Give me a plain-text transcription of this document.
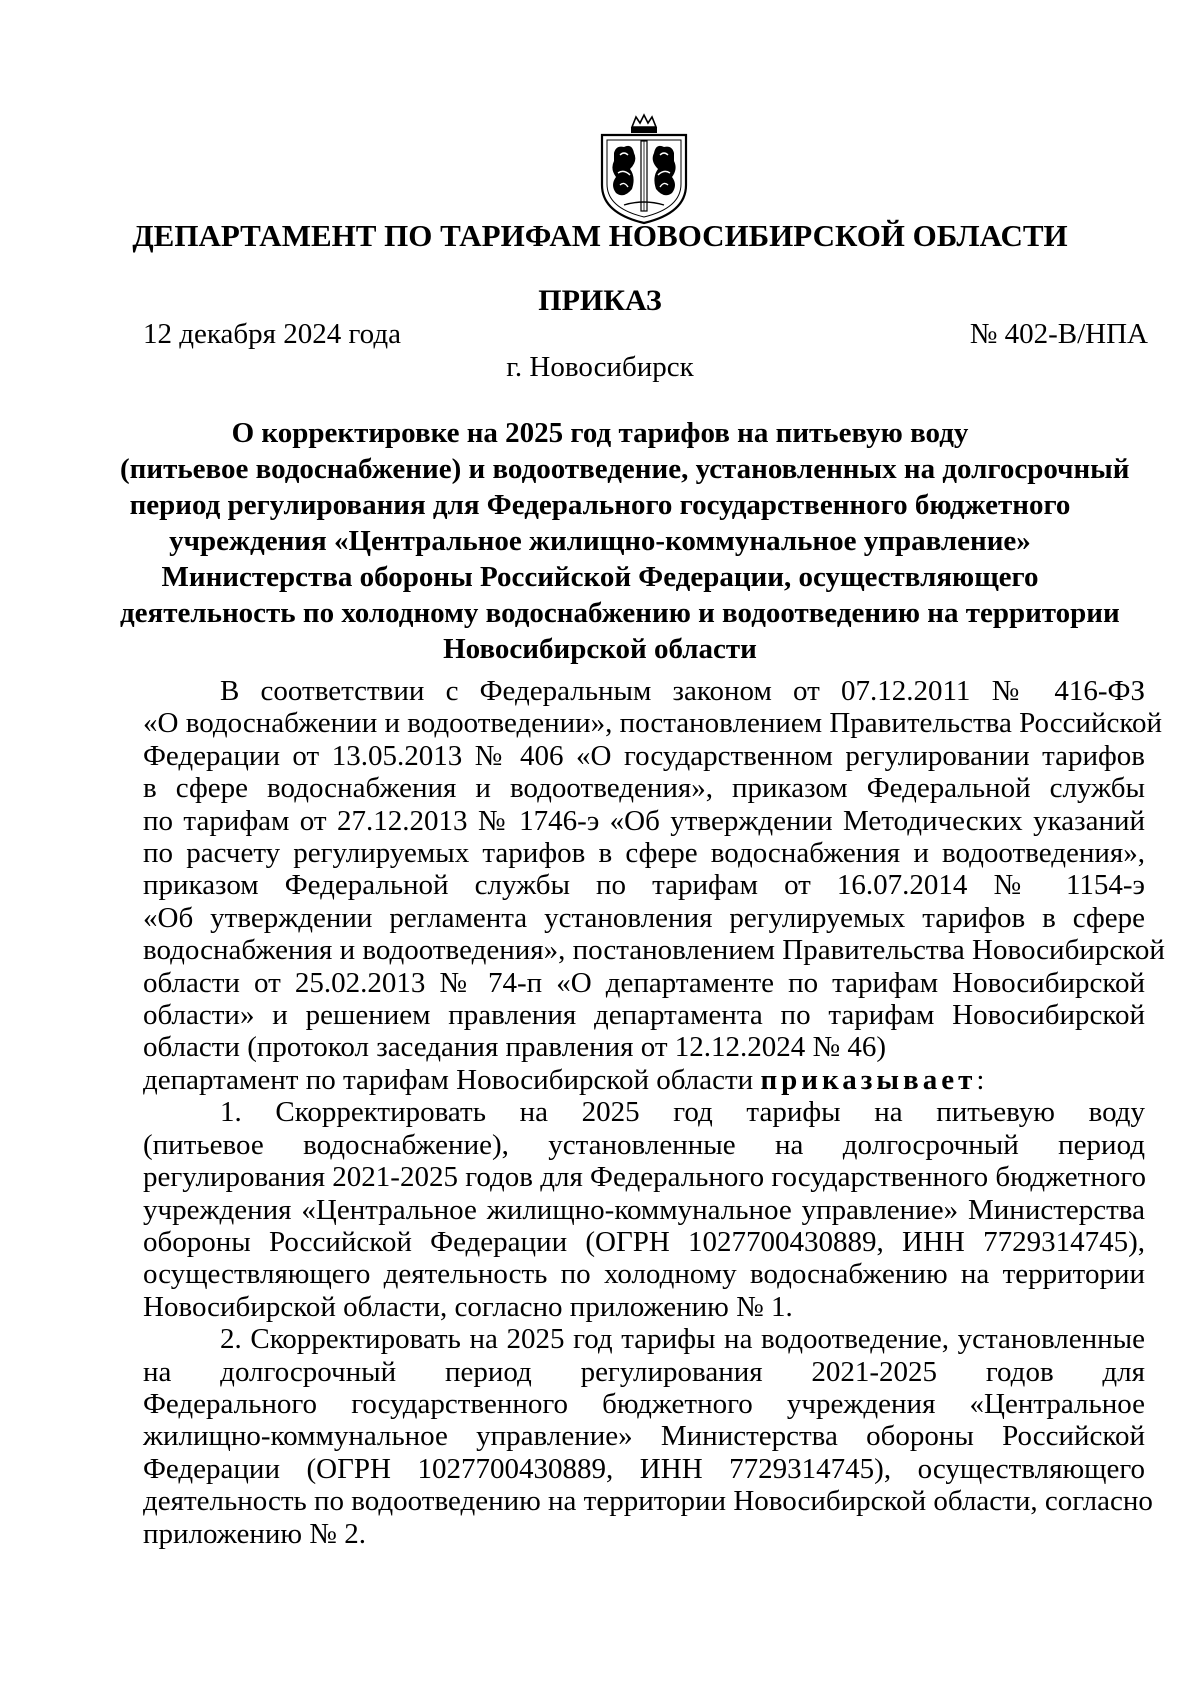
ДЕПАРТАМЕНТ ПО ТАРИФАМ НОВОСИБИРСКОЙ ОБЛАСТИ
ПРИКАЗ
12 декабря 2024 года	№ 402-В/НПА
г. Новосибирск
О корректировке на 2025 год тарифов на питьевую воду
(питьевое водоснабжение) и водоотведение, установленных на долгосрочный
период регулирования для Федерального государственного бюджетного
учреждения «Центральное жилищно-коммунальное управление»
Министерства обороны Российской Федерации, осуществляющего
деятельность по холодному водоснабжению и водоотведению на территории
Новосибирской области

В соответствии с Федеральным законом от 07.12.2011 № 416-ФЗ
«О водоснабжении и водоотведении», постановлением Правительства Российской
Федерации от 13.05.2013 № 406 «О государственном регулировании тарифов
в сфере водоснабжения и водоотведения», приказом Федеральной службы
по тарифам от 27.12.2013 № 1746-э «Об утверждении Методических указаний
по расчету регулируемых тарифов в сфере водоснабжения и водоотведения»,
приказом Федеральной службы по тарифам от 16.07.2014 № 1154-э
«Об утверждении регламента установления регулируемых тарифов в сфере
водоснабжения и водоотведения», постановлением Правительства Новосибирской
области от 25.02.2013 № 74-п «О департаменте по тарифам Новосибирской
области» и решением правления департамента по тарифам Новосибирской
области (протокол заседания правления от 12.12.2024 № 46)
департамент по тарифам Новосибирской области приказывает:

1. Скорректировать на 2025 год тарифы на питьевую воду
(питьевое водоснабжение), установленные на долгосрочный период
регулирования 2021-2025 годов для Федерального государственного бюджетного
учреждения «Центральное жилищно-коммунальное управление» Министерства
обороны Российской Федерации (ОГРН 1027700430889, ИНН 7729314745),
осуществляющего деятельность по холодному водоснабжению на территории
Новосибирской области, согласно приложению № 1.

2. Скорректировать на 2025 год тарифы на водоотведение, установленные
на долгосрочный период регулирования 2021-2025 годов для
Федерального государственного бюджетного учреждения «Центральное
жилищно-коммунальное управление» Министерства обороны Российской
Федерации (ОГРН 1027700430889, ИНН 7729314745), осуществляющего
деятельность по водоотведению на территории Новосибирской области, согласно
приложению № 2.
